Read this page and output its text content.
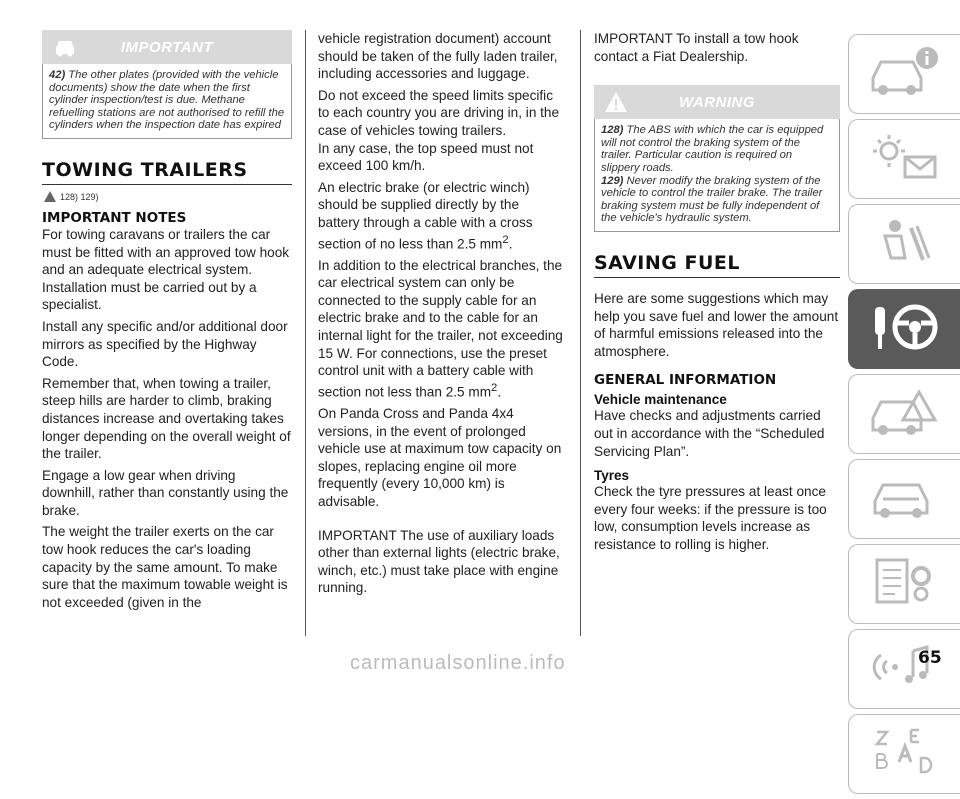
IMPORTANT
42) The other plates (provided with the vehicle documents) show the date when the first cylinder inspection/test is due. Methane refuelling stations are not authorised to refill the cylinders when the inspection date has expired
TOWING TRAILERS
128) 129)
IMPORTANT NOTES

For towing caravans or trailers the car must be fitted with an approved tow hook and an adequate electrical system. Installation must be carried out by a specialist.

Install any specific and/or additional door mirrors as specified by the Highway Code.

Remember that, when towing a trailer, steep hills are harder to climb, braking distances increase and overtaking takes longer depending on the overall weight of the trailer.

Engage a low gear when driving downhill, rather than constantly using the brake.

The weight the trailer exerts on the car tow hook reduces the car's loading capacity by the same amount. To make sure that the maximum towable weight is not exceeded (given in the

vehicle registration document) account should be taken of the fully laden trailer, including accessories and luggage.

Do not exceed the speed limits specific to each country you are driving in, in the case of vehicles towing trailers.

In any case, the top speed must not exceed 100 km/h.

An electric brake (or electric winch) should be supplied directly by the battery through a cable with a cross section of no less than 2.5 $mm^2$.

In addition to the electrical branches, the car electrical system can only be connected to the supply cable for an electric brake and to the cable for an internal light for the trailer, not exceeding 15 W. For connections, use the preset control unit with a battery cable with section not less than 2.5 $mm^2$.

On Panda Cross and Panda 4x4 versions, in the event of prolonged vehicle use at maximum tow capacity on slopes, replacing engine oil more frequently (every 10,000 km) is advisable.

IMPORTANT The use of auxiliary loads other than external lights (electric brake, winch, etc.) must take place with engine running.

IMPORTANT To install a tow hook contact a Fiat Dealership.

WARNING
128) The ABS with which the car is equipped will not control the braking system of the trailer. Particular caution is required on slippery roads.
129) Never modify the braking system of the vehicle to control the trailer brake. The trailer braking system must be fully independent of the vehicle's hydraulic system.
SAVING FUEL

Here are some suggestions which may help you save fuel and lower the amount of harmful emissions released into the atmosphere.

GENERAL INFORMATION
Vehicle maintenance

Have checks and adjustments carried out in accordance with the “Scheduled Servicing Plan”.

Tyres

Check the tyre pressures at least once every four weeks: if the pressure is too low, consumption levels increase as resistance to rolling is higher.

65
carmanualsonline.info
